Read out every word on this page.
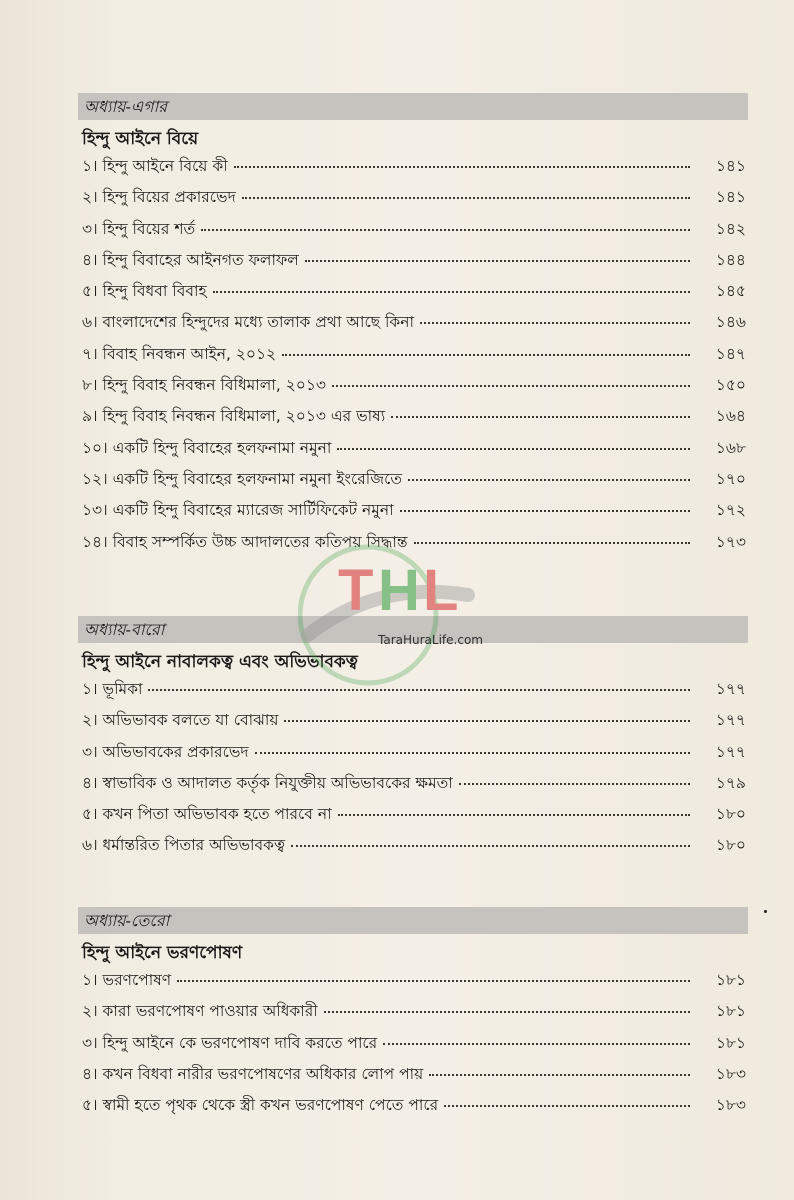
অধ্যায়-এগার
হিন্দু আইনে বিয়ে
১। হিন্দু আইনে বিয়ে কী	১৪১
২। হিন্দু বিয়ের প্রকারভেদ	১৪১
৩। হিন্দু বিয়ের শর্ত	১৪২
৪। হিন্দু বিবাহের আইনগত ফলাফল	১৪৪
৫। হিন্দু বিধবা বিবাহ	১৪৫
৬। বাংলাদেশের হিন্দুদের মধ্যে তালাক প্রথা আছে কিনা	১৪৬
৭। বিবাহ নিবন্ধন আইন, ২০১২	১৪৭
৮। হিন্দু বিবাহ নিবন্ধন বিধিমালা, ২০১৩	১৫০
৯। হিন্দু বিবাহ নিবন্ধন বিধিমালা, ২০১৩ এর ভাষ্য	১৬৪
১০। একটি হিন্দু বিবাহের হলফনামা নমুনা	১৬৮
১২। একটি হিন্দু বিবাহের হলফনামা নমুনা ইংরেজিতে	১৭০
১৩। একটি হিন্দু বিবাহের ম্যারেজ সার্টিফিকেট নমুনা	১৭২
১৪। বিবাহ সম্পর্কিত উচ্চ আদালতের কতিপয় সিদ্ধান্ত	১৭৩
অধ্যায়-বারো
হিন্দু আইনে নাবালকত্ব এবং অভিভাবকত্ব
১। ভূমিকা	১৭৭
২। অভিভাবক বলতে যা বোঝায়	১৭৭
৩। অভিভাবকের প্রকারভেদ	১৭৭
৪। স্বাভাবিক ও আদালত কর্তৃক নিযুক্তীয় অভিভাবকের ক্ষমতা	১৭৯
৫। কখন পিতা অভিভাবক হতে পারবে না	১৮০
৬। ধর্মান্তরিত পিতার অভিভাবকত্ব	১৮০
অধ্যায়-তেরো
হিন্দু আইনে ভরণপোষণ
১। ভরণপোষণ	১৮১
২। কারা ভরণপোষণ পাওয়ার অধিকারী	১৮১
৩। হিন্দু আইনে কে ভরণপোষণ দাবি করতে পারে	১৮১
৪। কখন বিধবা নারীর ভরণপোষণের অধিকার লোপ পায়	১৮৩
৫। স্বামী হতে পৃথক থেকে স্ত্রী কখন ভরণপোষণ পেতে পারে	১৮৩
T H L
TaraHuraLife.com
